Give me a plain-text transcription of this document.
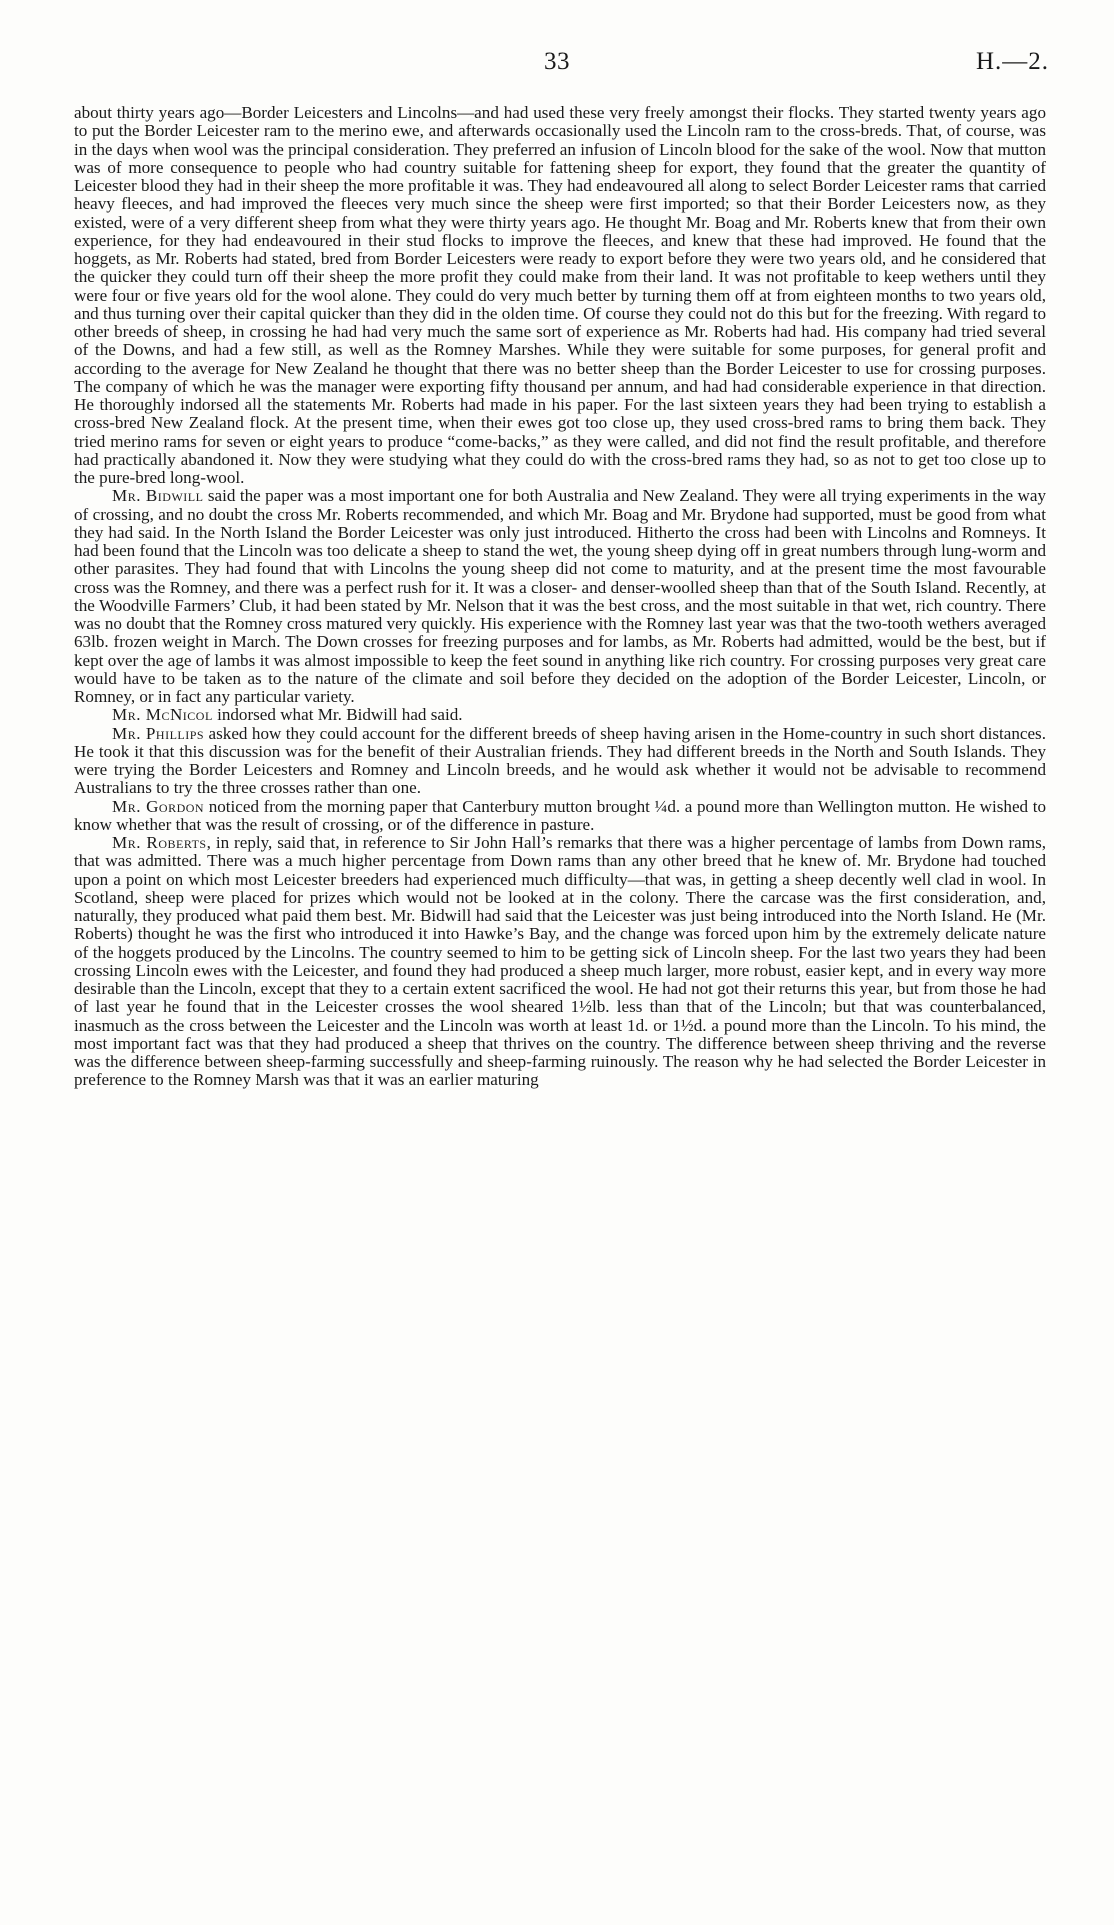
33	H.—2.

about thirty years ago—Border Leicesters and Lincolns—and had used these very freely amongst their flocks. They started twenty years ago to put the Border Leicester ram to the merino ewe, and afterwards occasionally used the Lincoln ram to the cross-breds. That, of course, was in the days when wool was the principal consideration. They preferred an infusion of Lincoln blood for the sake of the wool. Now that mutton was of more consequence to people who had country suitable for fattening sheep for export, they found that the greater the quantity of Leicester blood they had in their sheep the more profitable it was. They had endeavoured all along to select Border Leicester rams that carried heavy fleeces, and had improved the fleeces very much since the sheep were first imported; so that their Border Leicesters now, as they existed, were of a very different sheep from what they were thirty years ago. He thought Mr. Boag and Mr. Roberts knew that from their own experience, for they had endeavoured in their stud flocks to improve the fleeces, and knew that these had improved. He found that the hoggets, as Mr. Roberts had stated, bred from Border Leicesters were ready to export before they were two years old, and he considered that the quicker they could turn off their sheep the more profit they could make from their land. It was not profitable to keep wethers until they were four or five years old for the wool alone. They could do very much better by turning them off at from eighteen months to two years old, and thus turning over their capital quicker than they did in the olden time. Of course they could not do this but for the freezing. With regard to other breeds of sheep, in crossing he had had very much the same sort of experience as Mr. Roberts had had. His company had tried several of the Downs, and had a few still, as well as the Romney Marshes. While they were suitable for some purposes, for general profit and according to the average for New Zealand he thought that there was no better sheep than the Border Leicester to use for crossing purposes. The company of which he was the manager were exporting fifty thousand per annum, and had had considerable experience in that direction. He thoroughly indorsed all the statements Mr. Roberts had made in his paper. For the last sixteen years they had been trying to establish a cross-bred New Zealand flock. At the present time, when their ewes got too close up, they used cross-bred rams to bring them back. They tried merino rams for seven or eight years to produce “come-backs,” as they were called, and did not find the result profitable, and therefore had practically abandoned it. Now they were studying what they could do with the cross-bred rams they had, so as not to get too close up to the pure-bred long-wool.

Mr. Bidwill said the paper was a most important one for both Australia and New Zealand. They were all trying experiments in the way of crossing, and no doubt the cross Mr. Roberts recommended, and which Mr. Boag and Mr. Brydone had supported, must be good from what they had said. In the North Island the Border Leicester was only just introduced. Hitherto the cross had been with Lincolns and Romneys. It had been found that the Lincoln was too delicate a sheep to stand the wet, the young sheep dying off in great numbers through lung-worm and other parasites. They had found that with Lincolns the young sheep did not come to maturity, and at the present time the most favourable cross was the Romney, and there was a perfect rush for it. It was a closer- and denser-woolled sheep than that of the South Island. Recently, at the Woodville Farmers’ Club, it had been stated by Mr. Nelson that it was the best cross, and the most suitable in that wet, rich country. There was no doubt that the Romney cross matured very quickly. His experience with the Romney last year was that the two-tooth wethers averaged 63lb. frozen weight in March. The Down crosses for freezing purposes and for lambs, as Mr. Roberts had admitted, would be the best, but if kept over the age of lambs it was almost impossible to keep the feet sound in anything like rich country. For crossing purposes very great care would have to be taken as to the nature of the climate and soil before they decided on the adoption of the Border Leicester, Lincoln, or Romney, or in fact any particular variety.

Mr. McNicol indorsed what Mr. Bidwill had said.

Mr. Phillips asked how they could account for the different breeds of sheep having arisen in the Home-country in such short distances. He took it that this discussion was for the benefit of their Australian friends. They had different breeds in the North and South Islands. They were trying the Border Leicesters and Romney and Lincoln breeds, and he would ask whether it would not be advisable to recommend Australians to try the three crosses rather than one.

Mr. Gordon noticed from the morning paper that Canterbury mutton brought ¼d. a pound more than Wellington mutton. He wished to know whether that was the result of crossing, or of the difference in pasture.

Mr. Roberts, in reply, said that, in reference to Sir John Hall’s remarks that there was a higher percentage of lambs from Down rams, that was admitted. There was a much higher percentage from Down rams than any other breed that he knew of. Mr. Brydone had touched upon a point on which most Leicester breeders had experienced much difficulty—that was, in getting a sheep decently well clad in wool. In Scotland, sheep were placed for prizes which would not be looked at in the colony. There the carcase was the first consideration, and, naturally, they produced what paid them best. Mr. Bidwill had said that the Leicester was just being introduced into the North Island. He (Mr. Roberts) thought he was the first who introduced it into Hawke’s Bay, and the change was forced upon him by the extremely delicate nature of the hoggets produced by the Lincolns. The country seemed to him to be getting sick of Lincoln sheep. For the last two years they had been crossing Lincoln ewes with the Leicester, and found they had produced a sheep much larger, more robust, easier kept, and in every way more desirable than the Lincoln, except that they to a certain extent sacrificed the wool. He had not got their returns this year, but from those he had of last year he found that in the Leicester crosses the wool sheared 1½lb. less than that of the Lincoln; but that was counterbalanced, inasmuch as the cross between the Leicester and the Lincoln was worth at least 1d. or 1½d. a pound more than the Lincoln. To his mind, the most important fact was that they had produced a sheep that thrives on the country. The difference between sheep thriving and the reverse was the difference between sheep-farming successfully and sheep-farming ruinously. The reason why he had selected the Border Leicester in preference to the Romney Marsh was that it was an earlier maturing
